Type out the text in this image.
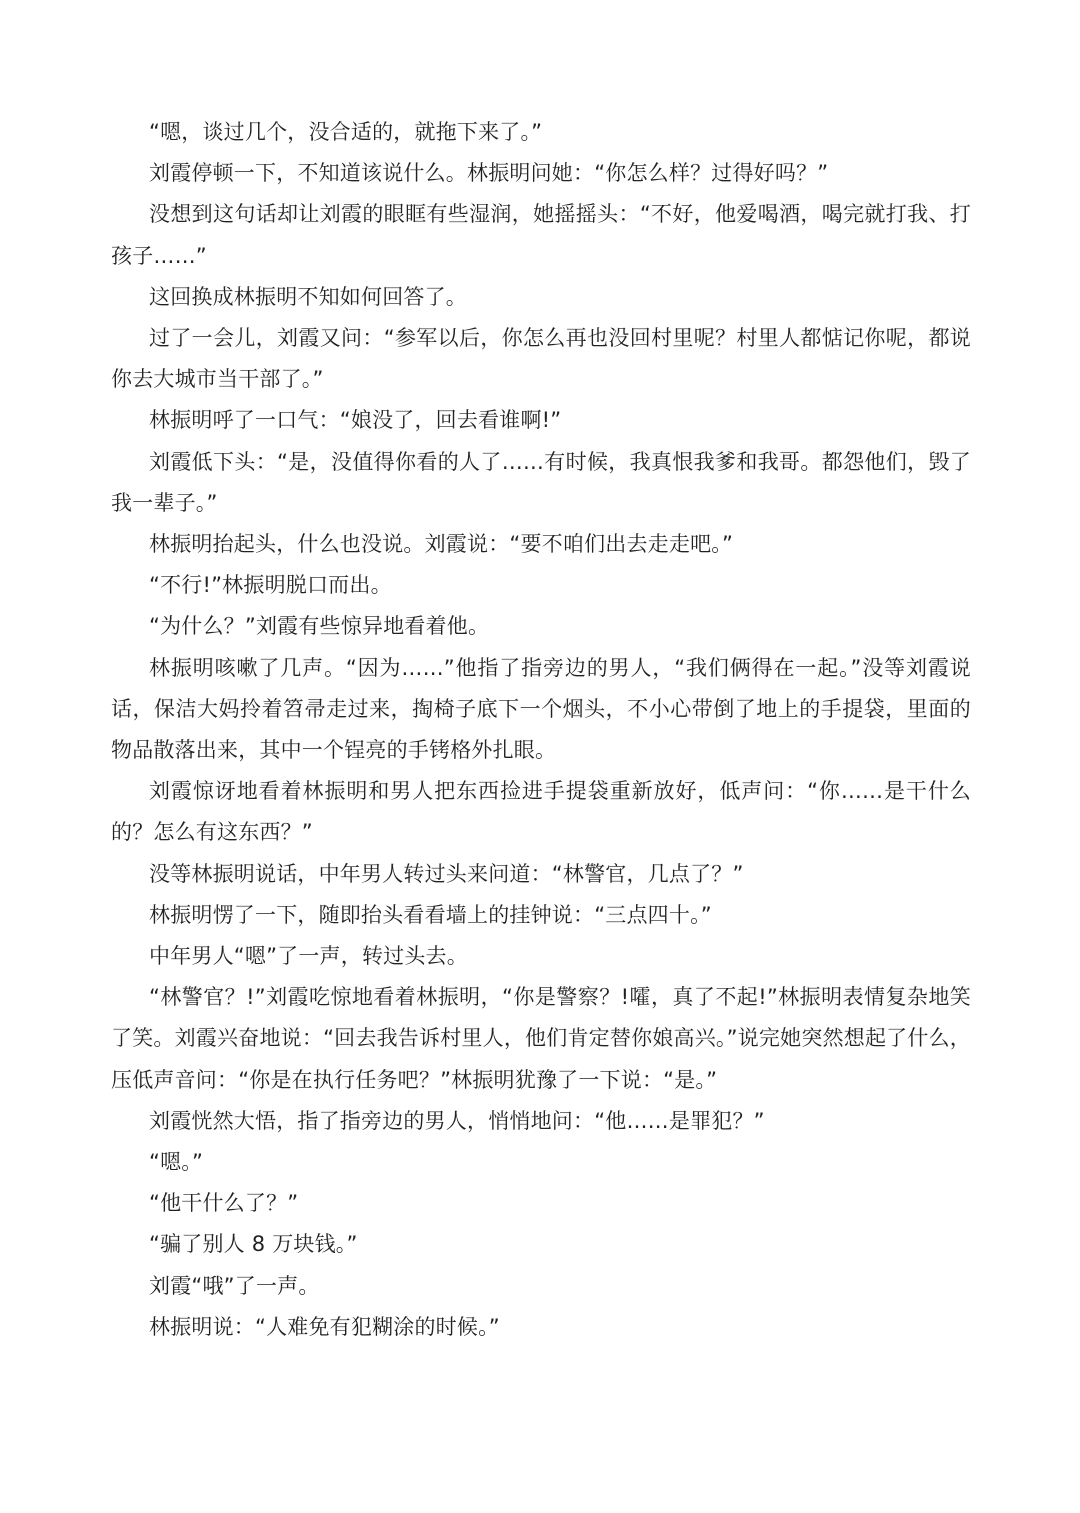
“嗯，谈过几个，没合适的，就拖下来了。”

刘霞停顿一下，不知道该说什么。林振明问她：“你怎么样？过得好吗？”

没想到这句话却让刘霞的眼眶有些湿润，她摇摇头：“不好，他爱喝酒，喝完就打我、打孩子……”

这回换成林振明不知如何回答了。

过了一会儿，刘霞又问：“参军以后，你怎么再也没回村里呢？村里人都惦记你呢，都说你去大城市当干部了。”

林振明呼了一口气：“娘没了，回去看谁啊!”

刘霞低下头：“是，没值得你看的人了……有时候，我真恨我爹和我哥。都怨他们，毁了我一辈子。”

林振明抬起头，什么也没说。刘霞说：“要不咱们出去走走吧。”

“不行!”林振明脱口而出。

“为什么？”刘霞有些惊异地看着他。

林振明咳嗽了几声。“因为……”他指了指旁边的男人，“我们俩得在一起。”没等刘霞说话，保洁大妈拎着笤帚走过来，掏椅子底下一个烟头，不小心带倒了地上的手提袋，里面的物品散落出来，其中一个锃亮的手铐格外扎眼。

刘霞惊讶地看着林振明和男人把东西捡进手提袋重新放好，低声问：“你……是干什么的？怎么有这东西？”

没等林振明说话，中年男人转过头来问道：“林警官，几点了？”

林振明愣了一下，随即抬头看看墙上的挂钟说：“三点四十。”

中年男人“嗯”了一声，转过头去。

“林警官？!”刘霞吃惊地看着林振明，“你是警察？!嚯，真了不起!”林振明表情复杂地笑了笑。刘霞兴奋地说：“回去我告诉村里人，他们肯定替你娘高兴。”说完她突然想起了什么，压低声音问：“你是在执行任务吧？”林振明犹豫了一下说：“是。”

刘霞恍然大悟，指了指旁边的男人，悄悄地问：“他……是罪犯？”

“嗯。”

“他干什么了？”

“骗了别人 8 万块钱。”

刘霞“哦”了一声。

林振明说：“人难免有犯糊涂的时候。”
